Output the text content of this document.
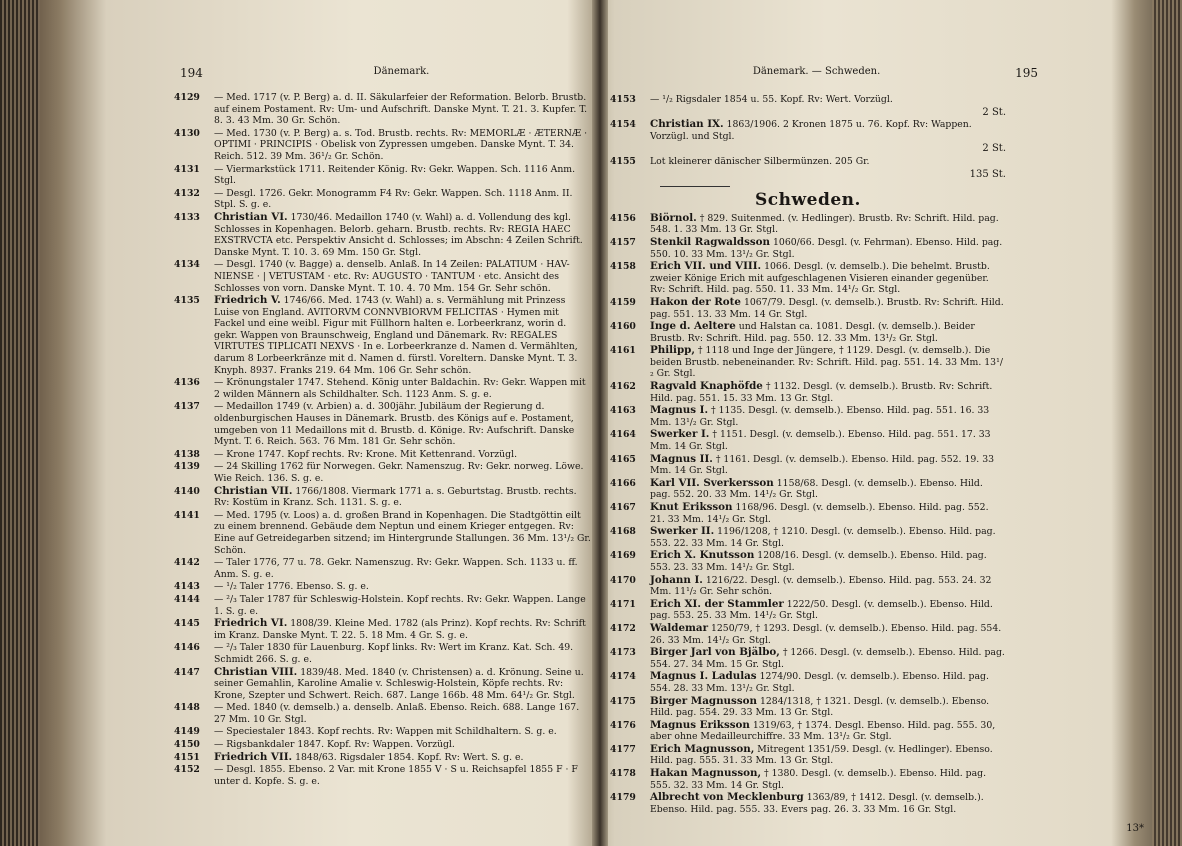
194	Dänemark.
4129 — Med. 1717 (v. P. Berg) a. d. II. Säkularfeier der Reformation. Belorb. Brustb. auf einem Postament. Rv: Um- und Aufschrift. Danske Mynt. T. 21. 3. Kupfer. T. 8. 3. 43 Mm. 30 Gr. Schön.
4130 — Med. 1730 (v. P. Berg) a. s. Tod. Brustb. rechts. Rv: MEMORLÆ · ÆTERNÆ · OPTIMI · PRINCIPIS · Obelisk von Zypressen umgeben. Danske Mynt. T. 34. Reich. 512. 39 Mm. 36¹/₂ Gr. Schön.
4131 — Viermarkstück 1711. Reitender König. Rv: Gekr. Wappen. Sch. 1116 Anm. Stgl.
4132 — Desgl. 1726. Gekr. Monogramm F4 Rv: Gekr. Wappen. Sch. 1118 Anm. II. Stpl. S. g. e.
4133 Christian VI. 1730/46. Medaillon 1740 (v. Wahl) a. d. Vollendung des kgl. Schlosses in Kopenhagen. Belorb. geharn. Brustb. rechts. Rv: REGIA HAEC EXSTRVCTA etc. Perspektiv Ansicht d. Schlosses; im Abschn: 4 Zeilen Schrift. Danske Mynt. T. 10. 3. 69 Mm. 150 Gr. Stgl.
4134 — Desgl. 1740 (v. Bagge) a. denselb. Anlaß. In 14 Zeilen: PALATIUM · HAV-NIENSE · | VETUSTAM · etc. Rv: AUGUSTO · TANTUM · etc. Ansicht des Schlosses von vorn. Danske Mynt. T. 10. 4. 70 Mm. 154 Gr. Sehr schön.
4135 Friedrich V. 1746/66. Med. 1743 (v. Wahl) a. s. Vermählung mit Prinzess Luise von England. AVITORVM CONNVBIORVM FELICITAS · Hymen mit Fackel und eine weibl. Figur mit Füllhorn halten e. Lorbeerkranz, worin d. gekr. Wappen von Braunschweig, England und Dänemark. Rv: REGALES VIRTUTES TIPLICATI NEXVS · In e. Lorbeerkranze d. Namen d. Vermählten, darum 8 Lorbeerkränze mit d. Namen d. fürstl. Voreltern. Danske Mynt. T. 3. Knyph. 8937. Franks 219. 64 Mm. 106 Gr. Sehr schön.
4136 — Krönungstaler 1747. Stehend. König unter Baldachin. Rv: Gekr. Wappen mit 2 wilden Männern als Schildhalter. Sch. 1123 Anm. S. g. e.
4137 — Medaillon 1749 (v. Arbien) a. d. 300jähr. Jubiläum der Regierung d. oldenburgischen Hauses in Dänemark. Brustb. des Königs auf e. Postament, umgeben von 11 Medaillons mit d. Brustb. d. Könige. Rv: Aufschrift. Danske Mynt. T. 6. Reich. 563. 76 Mm. 181 Gr. Sehr schön.
4138 — Krone 1747. Kopf rechts. Rv: Krone. Mit Kettenrand. Vorzügl.
4139 — 24 Skilling 1762 für Norwegen. Gekr. Namenszug. Rv: Gekr. norweg. Löwe. Wie Reich. 136. S. g. e.
4140 Christian VII. 1766/1808. Viermark 1771 a. s. Geburtstag. Brustb. rechts. Rv: Kostüm in Kranz. Sch. 1131. S. g. e.
4141 — Med. 1795 (v. Loos) a. d. großen Brand in Kopenhagen. Die Stadtgöttin eilt zu einem brennend. Gebäude dem Neptun und einem Krieger entgegen. Rv: Eine auf Getreidegarben sitzend; im Hintergrunde Stallungen. 36 Mm. 13¹/₂ Gr. Schön.
4142 — Taler 1776, 77 u. 78. Gekr. Namenszug. Rv: Gekr. Wappen. Sch. 1133 u. ff. Anm. S. g. e.
4143 — ¹/₂ Taler 1776. Ebenso. S. g. e.
4144 — ²/₃ Taler 1787 für Schleswig-Holstein. Kopf rechts. Rv: Gekr. Wappen. Lange 1. S. g. e.
4145 Friedrich VI. 1808/39. Kleine Med. 1782 (als Prinz). Kopf rechts. Rv: Schrift im Kranz. Danske Mynt. T. 22. 5. 18 Mm. 4 Gr. S. g. e.
4146 — ²/₃ Taler 1830 für Lauenburg. Kopf links. Rv: Wert im Kranz. Kat. Sch. 49. Schmidt 266. S. g. e.
4147 Christian VIII. 1839/48. Med. 1840 (v. Christensen) a. d. Krönung. Seine u. seiner Gemahlin, Karoline Amalie v. Schleswig-Holstein, Köpfe rechts. Rv: Krone, Szepter und Schwert. Reich. 687. Lange 166b. 48 Mm. 64¹/₂ Gr. Stgl.
4148 — Med. 1840 (v. demselb.) a. denselb. Anlaß. Ebenso. Reich. 688. Lange 167. 27 Mm. 10 Gr. Stgl.
4149 — Speciestaler 1843. Kopf rechts. Rv: Wappen mit Schildhaltern. S. g. e.
4150 — Rigsbankdaler 1847. Kopf. Rv: Wappen. Vorzügl.
4151 Friedrich VII. 1848/63. Rigsdaler 1854. Kopf. Rv: Wert. S. g. e.
4152 — Desgl. 1855. Ebenso. 2 Var. mit Krone 1855 V · S u. Reichsapfel 1855 F · F unter d. Kopfe. S. g. e.
Dänemark. — Schweden.	195
4153 — ¹/₂ Rigsdaler 1854 u. 55. Kopf. Rv: Wert. Vorzügl.
2 St.
4154 Christian IX. 1863/1906. 2 Kronen 1875 u. 76. Kopf. Rv: Wappen. Vorzügl. und Stgl.
2 St.
4155 Lot kleinerer dänischer Silbermünzen. 205 Gr.
135 St.
Schweden.
4156 Biörnol. † 829. Suitenmed. (v. Hedlinger). Brustb. Rv: Schrift. Hild. pag. 548. 1. 33 Mm. 13 Gr. Stgl.
4157 Stenkil Ragwaldsson 1060/66. Desgl. (v. Fehrman). Ebenso. Hild. pag. 550. 10. 33 Mm. 13¹/₂ Gr. Stgl.
4158 Erich VII. und VIII. 1066. Desgl. (v. demselb.). Die behelmt. Brustb. zweier Könige Erich mit aufgeschlagenen Visieren einander gegenüber. Rv: Schrift. Hild. pag. 550. 11. 33 Mm. 14¹/₂ Gr. Stgl.
4159 Hakon der Rote 1067/79. Desgl. (v. demselb.). Brustb. Rv: Schrift. Hild. pag. 551. 13. 33 Mm. 14 Gr. Stgl.
4160 Inge d. Aeltere und Halstan ca. 1081. Desgl. (v. demselb.). Beider Brustb. Rv: Schrift. Hild. pag. 550. 12. 33 Mm. 13¹/₂ Gr. Stgl.
4161 Philipp, † 1118 und Inge der Jüngere, † 1129. Desgl. (v. demselb.). Die beiden Brustb. nebeneinander. Rv: Schrift. Hild. pag. 551. 14. 33 Mm. 13¹/₂ Gr. Stgl.
4162 Ragvald Knaphöfde † 1132. Desgl. (v. demselb.). Brustb. Rv: Schrift. Hild. pag. 551. 15. 33 Mm. 13 Gr. Stgl.
4163 Magnus I. † 1135. Desgl. (v. demselb.). Ebenso. Hild. pag. 551. 16. 33 Mm. 13¹/₂ Gr. Stgl.
4164 Swerker I. † 1151. Desgl. (v. demselb.). Ebenso. Hild. pag. 551. 17. 33 Mm. 14 Gr. Stgl.
4165 Magnus II. † 1161. Desgl. (v. demselb.). Ebenso. Hild. pag. 552. 19. 33 Mm. 14 Gr. Stgl.
4166 Karl VII. Sverkersson 1158/68. Desgl. (v. demselb.). Ebenso. Hild. pag. 552. 20. 33 Mm. 14¹/₂ Gr. Stgl.
4167 Knut Eriksson 1168/96. Desgl. (v. demselb.). Ebenso. Hild. pag. 552. 21. 33 Mm. 14¹/₂ Gr. Stgl.
4168 Swerker II. 1196/1208, † 1210. Desgl. (v. demselb.). Ebenso. Hild. pag. 553. 22. 33 Mm. 14 Gr. Stgl.
4169 Erich X. Knutsson 1208/16. Desgl. (v. demselb.). Ebenso. Hild. pag. 553. 23. 33 Mm. 14¹/₂ Gr. Stgl.
4170 Johann I. 1216/22. Desgl. (v. demselb.). Ebenso. Hild. pag. 553. 24. 32 Mm. 11¹/₂ Gr. Sehr schön.
4171 Erich XI. der Stammler 1222/50. Desgl. (v. demselb.). Ebenso. Hild. pag. 553. 25. 33 Mm. 14¹/₂ Gr. Stgl.
4172 Waldemar 1250/79, † 1293. Desgl. (v. demselb.). Ebenso. Hild. pag. 554. 26. 33 Mm. 14¹/₂ Gr. Stgl.
4173 Birger Jarl von Bjälbo, † 1266. Desgl. (v. demselb.). Ebenso. Hild. pag. 554. 27. 34 Mm. 15 Gr. Stgl.
4174 Magnus I. Ladulas 1274/90. Desgl. (v. demselb.). Ebenso. Hild. pag. 554. 28. 33 Mm. 13¹/₂ Gr. Stgl.
4175 Birger Magnusson 1284/1318, † 1321. Desgl. (v. demselb.). Ebenso. Hild. pag. 554. 29. 33 Mm. 13 Gr. Stgl.
4176 Magnus Eriksson 1319/63, † 1374. Desgl. Ebenso. Hild. pag. 555. 30, aber ohne Medailleurchiffre. 33 Mm. 13¹/₂ Gr. Stgl.
4177 Erich Magnusson, Mitregent 1351/59. Desgl. (v. Hedlinger). Ebenso. Hild. pag. 555. 31. 33 Mm. 13 Gr. Stgl.
4178 Hakan Magnusson, † 1380. Desgl. (v. demselb.). Ebenso. Hild. pag. 555. 32. 33 Mm. 14 Gr. Stgl.
4179 Albrecht von Mecklenburg 1363/89, † 1412. Desgl. (v. demselb.). Ebenso. Hild. pag. 555. 33. Evers pag. 26. 3. 33 Mm. 16 Gr. Stgl.
13*
